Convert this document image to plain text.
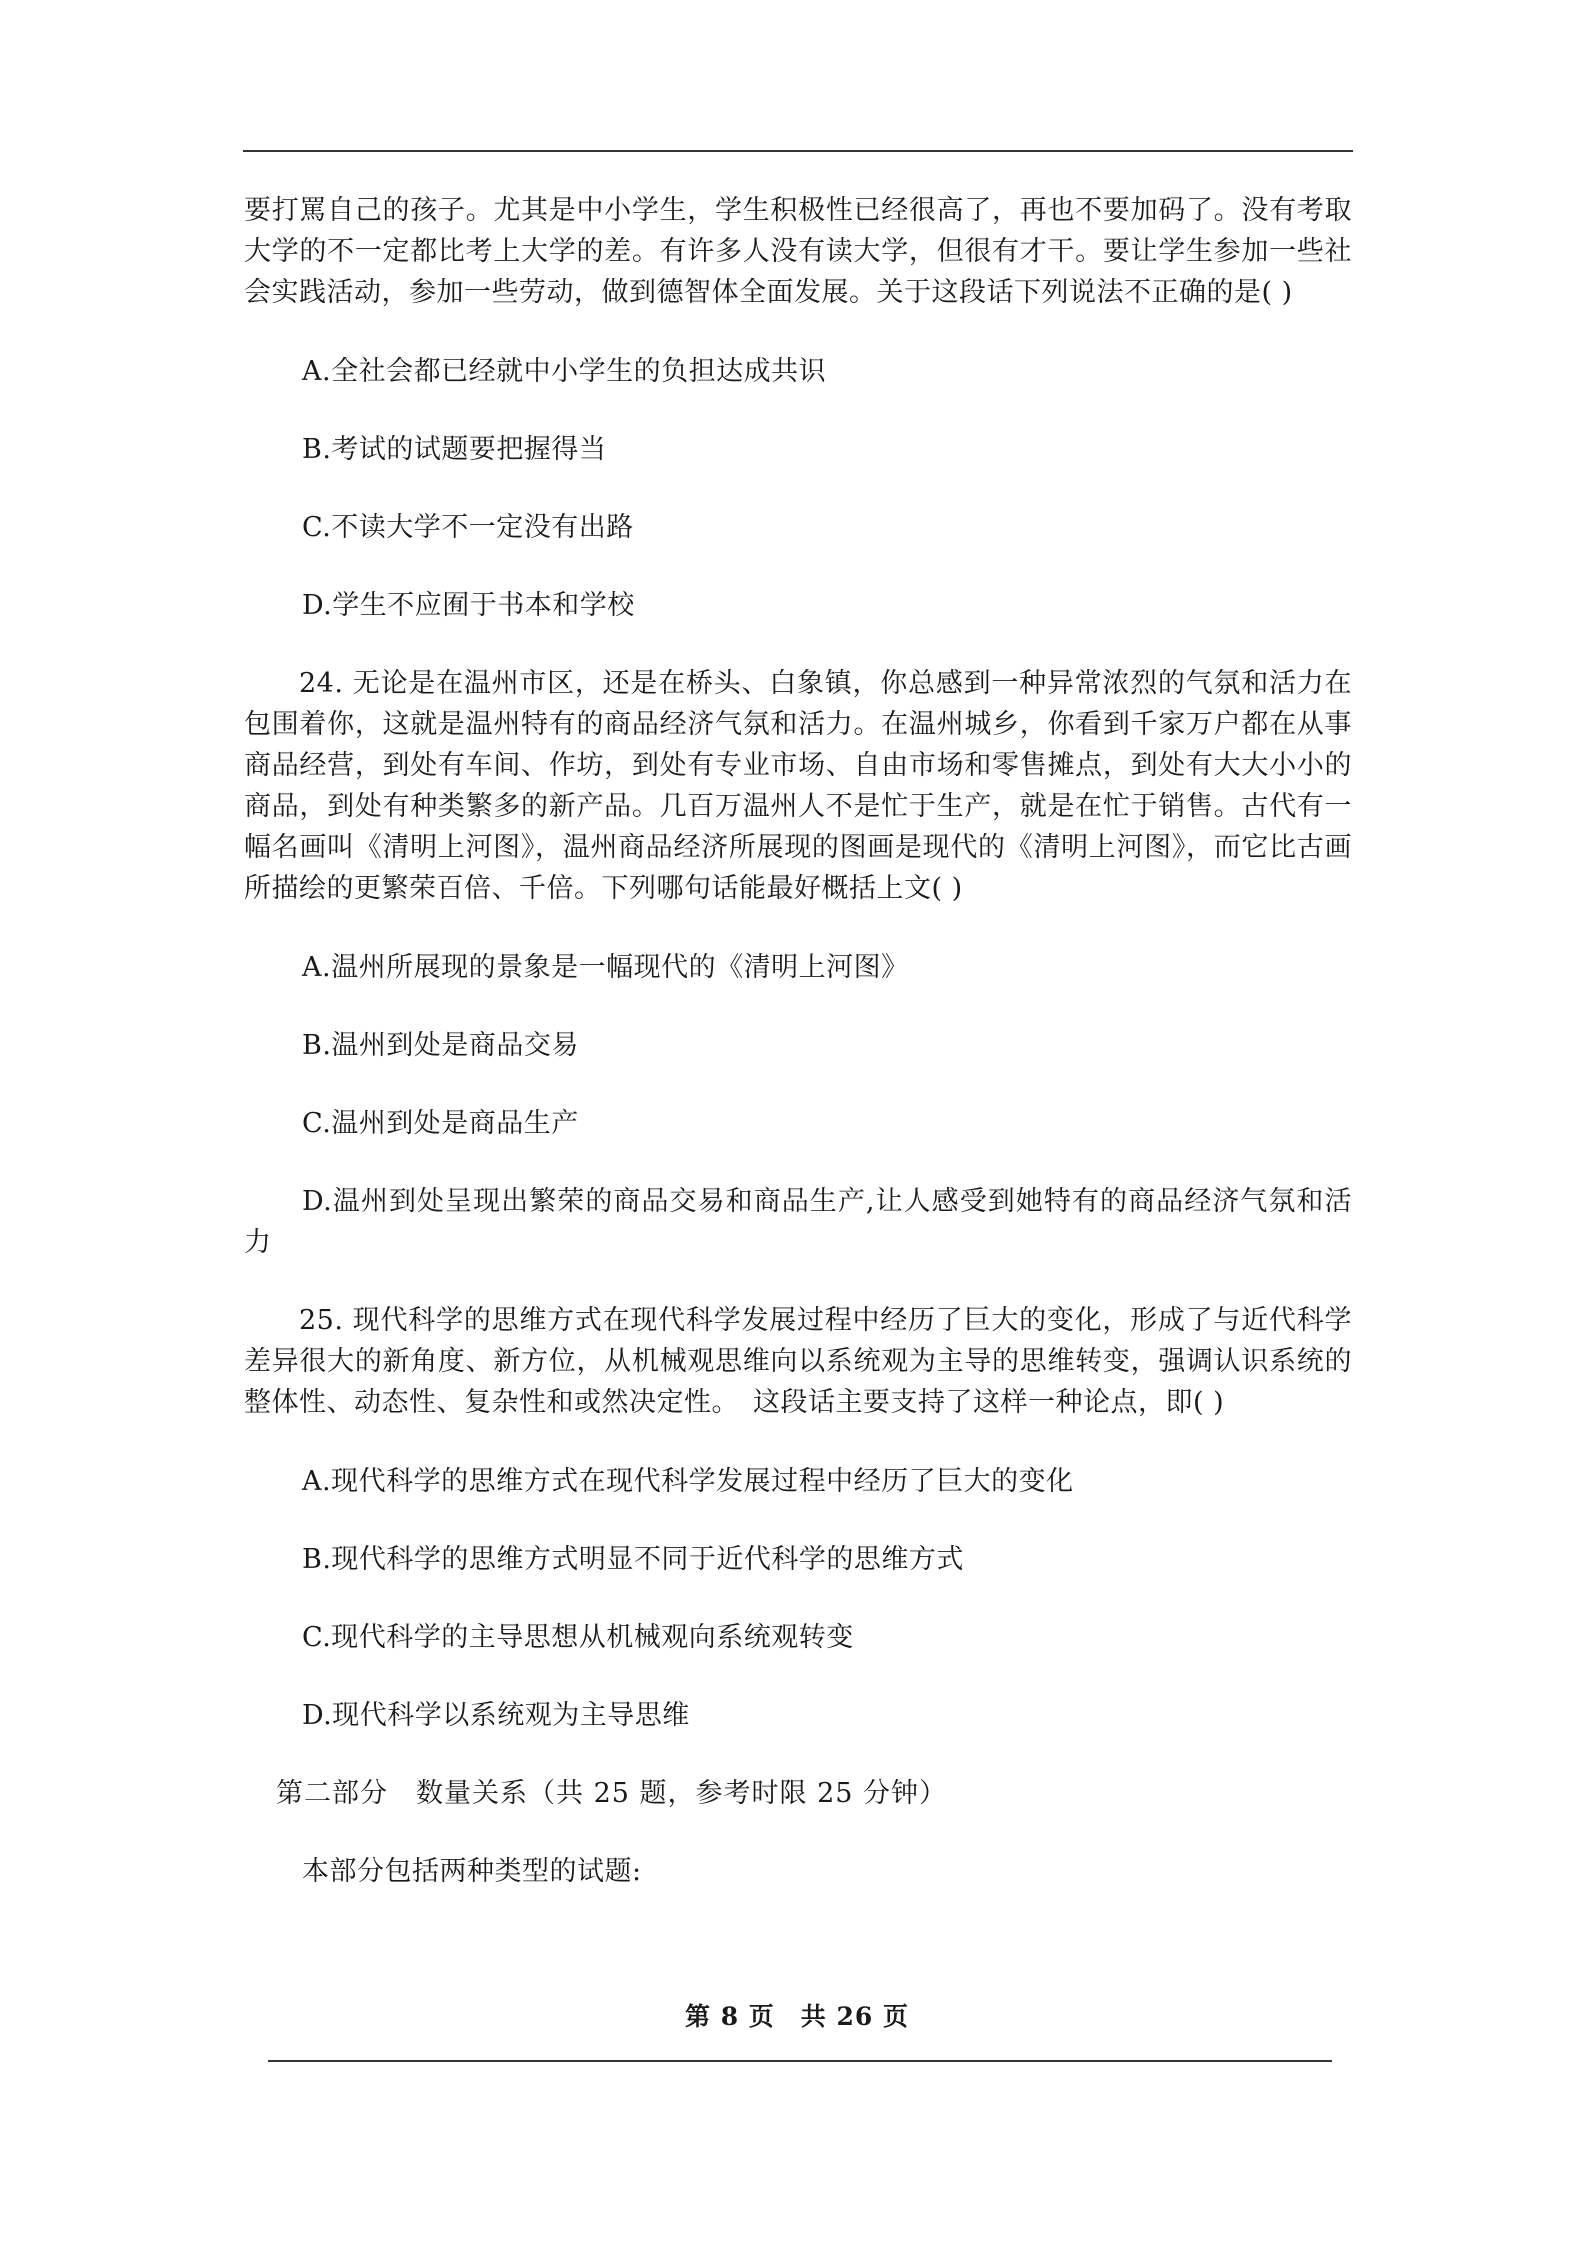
要打罵自己的孩子。尤其是中小学生，学生积极性已经很高了，再也不要加码了。没有考取大学的不一定都比考上大学的差。有许多人没有读大学，但很有才干。要让学生参加一些社会实践活动，参加一些劳动，做到德智体全面发展。关于这段话下列说法不正确的是( )

A.全社会都已经就中小学生的负担达成共识

B.考试的试题要把握得当

C.不读大学不一定没有出路

D.学生不应囿于书本和学校

24. 无论是在温州市区，还是在桥头、白象镇，你总感到一种异常浓烈的气氛和活力在包围着你，这就是温州特有的商品经济气氛和活力。在温州城乡，你看到千家万户都在从事商品经营，到处有车间、作坊，到处有专业市场、自由市场和零售摊点，到处有大大小小的商品，到处有种类繁多的新产品。几百万温州人不是忙于生产，就是在忙于销售。古代有一幅名画叫《清明上河图》，温州商品经济所展现的图画是现代的《清明上河图》，而它比古画所描绘的更繁荣百倍、千倍。下列哪句话能最好概括上文( )

A.温州所展现的景象是一幅现代的《清明上河图》

B.温州到处是商品交易

C.温州到处是商品生产

D.温州到处呈现出繁荣的商品交易和商品生产,让人感受到她特有的商品经济气氛和活力

25. 现代科学的思维方式在现代科学发展过程中经历了巨大的变化，形成了与近代科学差异很大的新角度、新方位，从机械观思维向以系统观为主导的思维转变，强调认识系统的整体性、动态性、复杂性和或然决定性。　这段话主要支持了这样一种论点，即( )

A.现代科学的思维方式在现代科学发展过程中经历了巨大的变化

B.现代科学的思维方式明显不同于近代科学的思维方式

C.现代科学的主导思想从机械观向系统观转变

D.现代科学以系统观为主导思维

第二部分　数量关系（共 25 题，参考时限 25 分钟）

本部分包括两种类型的试题:

第 8 页　共 26 页
